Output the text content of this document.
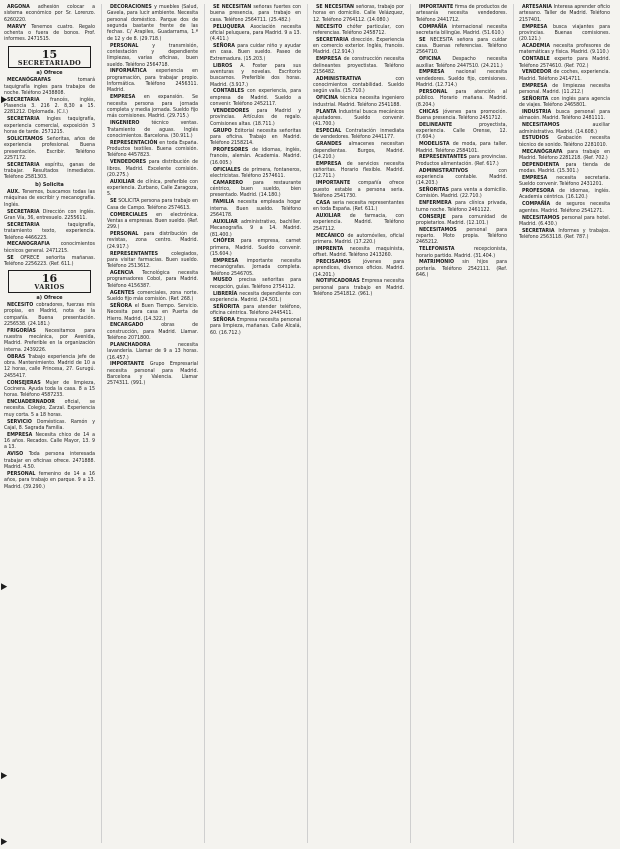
ARGONA adhesión colocar a sistema económico por Sr. Lorenzo. 6260220.

MARVY Tenemos cuatro. Regalo ochenta o fuera de bonos. Prof. informes. 2471515.

15
SECRETARIADO
a) Ofrece

MECANÓGRAFAS tomará taquigrafía ingles para trabajos de noche. Teléfono 2438808.

SECRETARIA francés, inglés, Plasencia 3. 216 2. 8,30 a 15. 2281212. Diplomada. (C.I.)

SECRETARIA Ingles taquigrafía, experiencia comercial, exposición 3 horas de tarde. 2571215.

SOLICITAMOS Señoritas, años de experiencia profesional. Buena presentación. Escribir. Teléfono 2257172.

SECRETARIA espíritu, ganas de trabajar. Resultados inmediatos. Teléfono 2581303.

b) Solicita

AUX. Tenemos, buscamos todas las máquinas de escribir y mecanografía. Inglés.

SECRETARIA Dirección con inglés. Gran Vía, 36, entresuelo. 2255611.

SECRETARIA taquigrafía, tratamiento texto, experiencia. Teléfono 4466223.

MECANOGRAFIA conocimientos técnicos general. 2471215.

SE OFRECE señorita mañanas. Teléfono 2256223. (Ref. 611.)

16
VARIOS
a) Ofrece

NECESITO cobradores, fuerzas mis propias, en Madrid, nota de la compañía. Buena presentación. 2256538. (24.181.)

FRIGORÍAS Necesitamos para nuestra mecánica, por Avenida, Madrid. Preferible en la organización interna. 2439226.

OBRAS Trabajo experiencia jefe de obra. Mantenimiento. Madrid de 10 a 12 horas, calle Princesa, 27. Gurugú. 2455417.

CONSEJERAS Mujer de limpieza, Cocinera. Ayuda toda la casa. 8 a 15 horas. Teléfono 4587233.

ENCUADERNADOR oficial, se necesita. Colegio, Zarzal. Experiencia muy corta. 5 a 18 horas.

SERVICIO Domésticas. Ramón y Cajal, 8. Sagrada Familia.

EMPRESA Necesita chico de 14 a 16 años. Recados. Calle Mayor, 13. 9 a 13.

AVISO Toda persona interesada trabajar en oficinas ofrece. 2471888. Madrid. 4.50.

PERSONAL femenino de 14 a 16 años, para trabajo en parque. 9 a 13. Madrid. (39.290.)

DECORACIONES y muebles (Salud, Gavela, para lucir ambiente. Necesita personal doméstico. Parque dos de segunda bastante frente de las fechas. C/ Arapiles, Guadarrama, 1.ª de 12 y de 8. (29.718.)

PERSONAL y transmisión, contestación y dependiente limpiezas, varias oficinas, buen sueldo. Teléfono 2564718.

INFORMÁTICA experiencia en programación, para trabajar propio. Informática. Teléfono 2456311. Madrid.

EMPRESA en expansión. Se necesita persona para jornada completa y media jornada. Sueldo fijo más comisiones. Madrid. (29.715.)

INGENIERO técnico ventas. Tratamiento de aguas. Inglés conocimientos. Barcelona. (30.911.)

REPRESENTACIÓN en toda España. Productos textiles. Buena comisión. Teléfono 4457823.

VENDEDORES para distribución de libros. Madrid. Excelente comisión. (20.275.)

AUXILIAR de clínica, preferible con experiencia. Zurbano, Calle Zaragoza, 5.

SE SOLICITA persona para trabajo en Casa de Campo. Teléfono 2574613.

COMERCIALES en electrónica. Ventas a empresas. Buen sueldo. (Ref. 299.)

PERSONAL para distribución de revistas, zona centro. Madrid. (24.917.)

REPRESENTANTES colegiados, para visitar farmacias. Buen sueldo. Teléfono 2513612.

AGENCIA Tecnológica necesita programadores Cobol, para Madrid. Teléfono 4156387.

AGENTES comerciales, zona norte. Sueldo fijo más comisión. (Ref. 268.)

SEÑORA el Buen Tiempo. Servicio. Necesita para casa en Puerta de Hierro. Madrid. (14.322.)

ENCARGADO obras de construcción, para Madrid. Llamar. Teléfono 2071800.

PLANCHADORA necesita lavandería. Llamar de 9 a 13 horas. (16.457.)

IMPORTANTE Grupo Empresarial necesita personal para Madrid. Barcelona y Valencia. Llamar 2574311. (991.)

SE NECESITAN señoras fuertes con buena presencia, para trabajo en casa. Teléfono 2564711. (25.482.)

PELUQUERA Asociación necesita oficial peluquera, para Madrid. 9 a 13. (4.411.)

SEÑORA para cuidar niño y ayudar en casa. Buen sueldo. Paseo de Extremadura. (15.203.)

LIBROS A. Foster para sus aventuras y novelas. Escritorio buscamos. Preferible dos horas. Madrid. (3.917.)

CONTABLES con experiencia, para empresa de Madrid. Sueldo a convenir. Teléfono 2452117.

VENDEDORES para Madrid y provincias. Artículos de regalo. Comisiones altas. (18.711.)

GRUPO Editorial necesita señoritas para oficina. Trabajo en Madrid. Teléfono 2158214.

PROFESORES de idiomas, inglés, francés, alemán. Academia. Madrid. (16.005.)

OFICIALES de primera, fontaneros, electricistas. Teléfono 2574611.

CAMARERO para restaurante céntrico, buen sueldo, bien presentado. Madrid. (14.180.)

FAMILIA necesita empleada hogar interna. Buen sueldo. Teléfono 2564178.

AUXILIAR administrativo, bachiller. Mecanografía. 9 a 14. Madrid. (81.400.)

CHÓFER para empresa, carnet primera, Madrid. Sueldo convenir. (15.604.)

EMPRESA importante necesita mecanógrafas. Jornada completa. Teléfono 2546705.

MUSEO precisa señoritas para recepción, guías. Teléfono 2754112.

LIBRERÍA necesita dependiente con experiencia. Madrid. (24.501.)

SEÑORITA para atender teléfono, oficina céntrica. Teléfono 2445411.

SEÑORA Empresa necesita personal para limpieza, mañanas. Calle Alcalá, 60. (16.712.)

SE NECESITAN señoras, trabajo por horas en domicilio. Calle Velázquez, 12. Teléfono 2764112. (14.080.)

NECESITO chófer particular, con referencias. Teléfono 2458712.

SECRETARIA dirección. Experiencia en comercio exterior. Inglés, francés. Madrid. (12.914.)

EMPRESA de construcción necesita delineantes proyectistas. Teléfono 2156482.

ADMINISTRATIVA con conocimientos contabilidad. Sueldo según valía. (15.710.)

OFICINA técnica necesita ingeniero industrial. Madrid. Teléfono 2541188.

PLANTA Industrial busca mecánicos ajustadores. Sueldo convenir. (41.700.)

ESPECIAL Contratación inmediata de vendedores. Teléfono 2441177.

GRANDES almacenes necesitan dependientas. Burgos, Madrid. (14.210.)

EMPRESA de servicios necesita señoritas. Horario flexible. Madrid. (12.711.)

IMPORTANTE compañía ofrece puesto estable a persona seria. Teléfono 2541730.

CASA seria necesita representantes en toda España. (Ref. 611.)

AUXILIAR de farmacia, con experiencia. Madrid. Teléfono 2547112.

MECÁNICO de automóviles, oficial primera. Madrid. (17.220.)

IMPRENTA necesita maquinista, offset. Madrid. Teléfono 2413260.

PRECISAMOS jóvenes para aprendices, diversos oficios. Madrid. (14.201.)

NOTIFICADORAS Empresa necesita personal para trabajo en Madrid. Teléfono 2541812. (961.)

IMPORTANTE firma de productos de artesanía necesita vendedores. Teléfono 2441712.

COMPAÑÍA internacional necesita secretaria bilingüe. Madrid. (51.610.)

SE NECESITA señora para cuidar casa. Buenas referencias. Teléfono 2564710.

OFICINA Despacho necesita auxiliar. Teléfono 2447510. (24.211.)

EMPRESA nacional necesita vendedores. Sueldo fijo, comisiones. Madrid. (12.714.)

PERSONAL para atención al público. Horario mañana. Madrid. (8.204.)

CHICAS jóvenes para promoción. Buena presencia. Teléfono 2451712.

DELINEANTE proyectista, experiencia. Calle Orense, 12. (7.604.)

MODELISTA de moda, para taller. Madrid. Teléfono 2584101.

REPRESENTANTES para provincias. Productos alimentación. (Ref. 617.)

ADMINISTRATIVOS con experiencia contable. Madrid. (14.203.)

SEÑORITAS para venta a domicilio. Comisión. Madrid. (22.710.)

ENFERMERA para clínica privada, turno noche. Teléfono 2461122.

CONSERJE para comunidad de propietarios. Madrid. (12.101.)

NECESITAMOS personal para reparto. Moto propia. Teléfono 2465212.

TELEFONISTA recepcionista, horario partido. Madrid. (31.404.)

MATRIMONIO sin hijos para portería. Teléfono 2542111. (Ref. 646.)

ARTESANÍA Interesa aprender oficio artesano. Taller de Madrid. Teléfono 2157401.

EMPRESA busca viajantes para provincias. Buenas comisiones. (20.121.)

ACADEMIA necesita profesores de matemáticas y física. Madrid. (9.110.)

CONTABLE experto para Madrid. Teléfono 2574610. (Ref. 702.)

VENDEDOR de coches, experiencia. Madrid. Teléfono 2414711.

EMPRESA de limpiezas necesita personal. Madrid. (11.212.)

SEÑORITA con inglés para agencia de viajes. Teléfono 2465801.

INDUSTRIA busca personal para almacén. Madrid. Teléfono 2481111.

NECESITAMOS auxiliar administrativo. Madrid. (14.608.)

ESTUDIOS Grabación necesita técnico de sonido. Teléfono 2281010.

MECANÓGRAFA para trabajo en Madrid. Teléfono 2281218. (Ref. 702.)

DEPENDIENTA para tienda de modas. Madrid. (15.301.)

EMPRESA necesita secretaria. Sueldo convenir. Teléfono 2431201.

PROFESORA de idiomas, inglés. Academia céntrica. (16.120.)

COMPAÑÍA de seguros necesita agentes. Madrid. Teléfono 2541271.

NECESITAMOS personal para hotel. Madrid. (6.430.)

SECRETARIA Informes y trabajos. Teléfono 2563118. (Ref. 787.)

▶
▶
▶
▶
